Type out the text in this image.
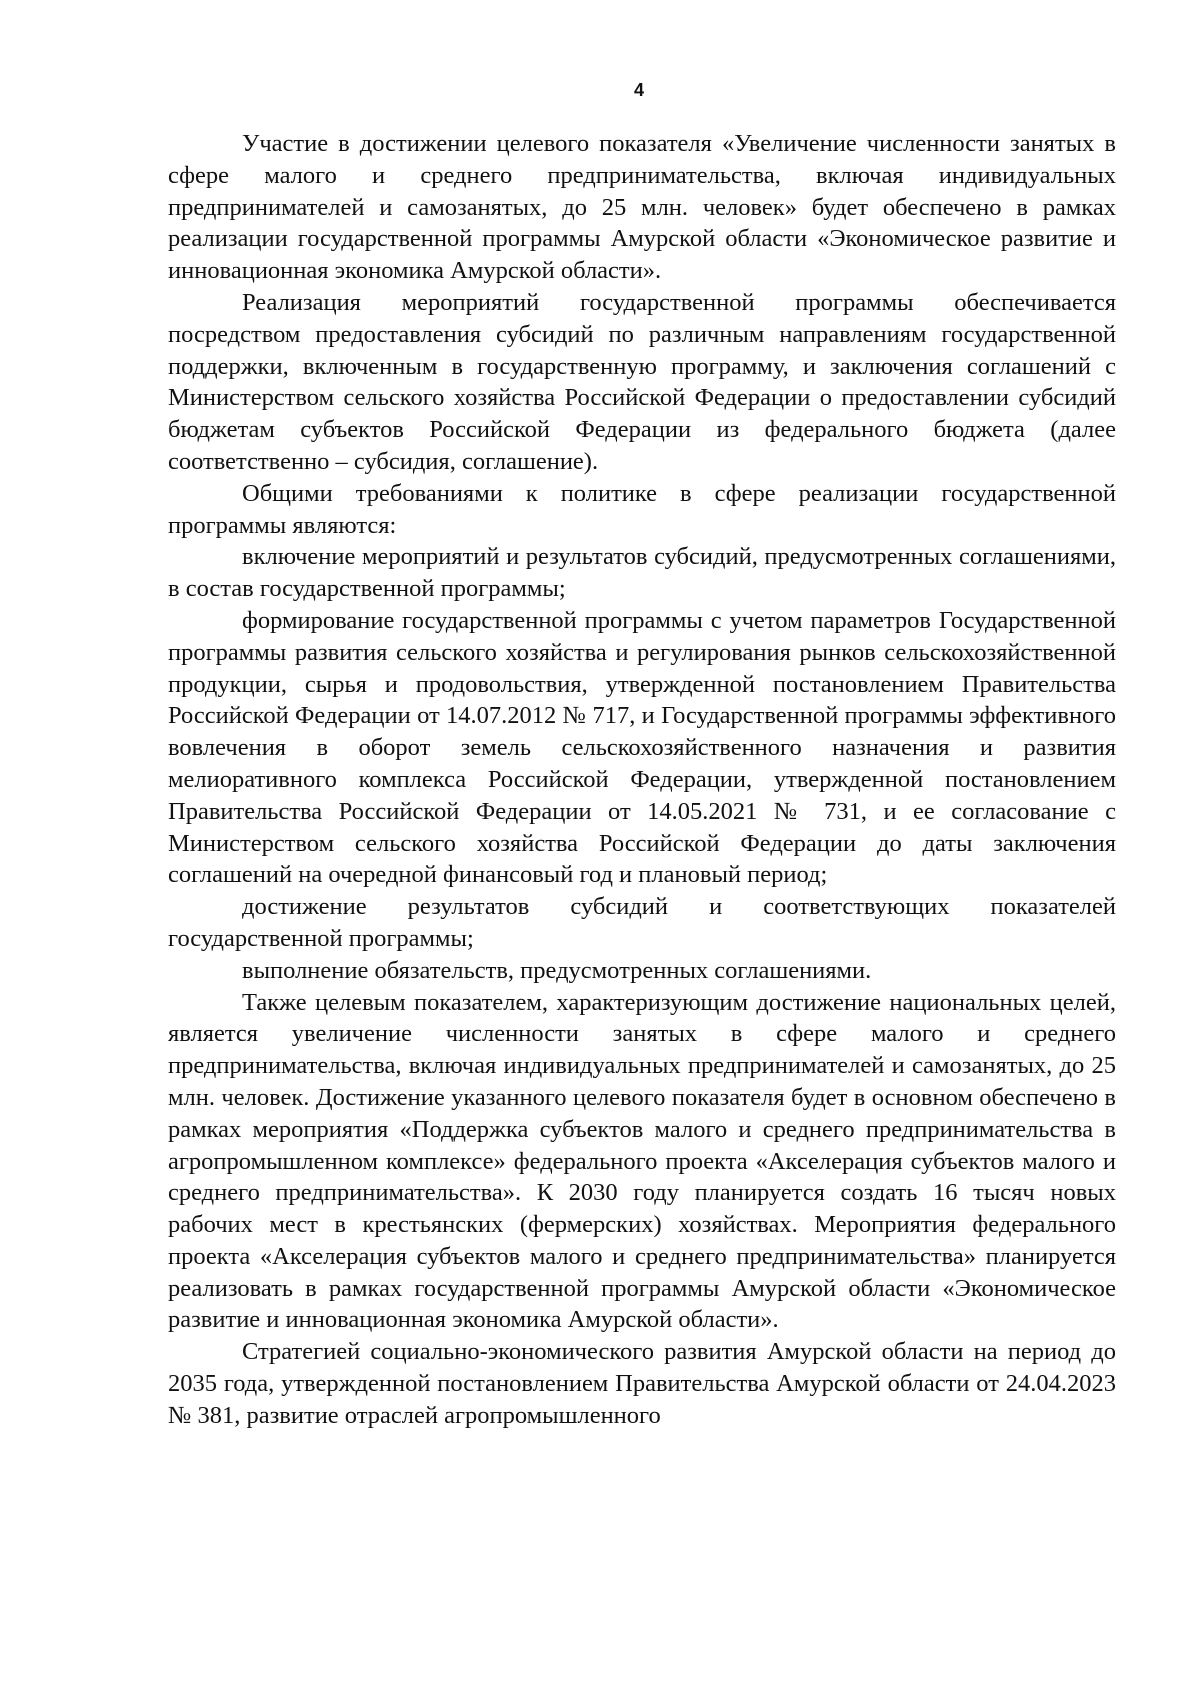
4

Участие в достижении целевого показателя «Увеличение численности занятых в сфере малого и среднего предпринимательства, включая индивидуальных предпринимателей и самозанятых, до 25 млн. человек» будет обеспечено в рамках реализации государственной программы Амурской области «Экономическое развитие и инновационная экономика Амурской области».

Реализация мероприятий государственной программы обеспечивается посредством предоставления субсидий по различным направлениям государственной поддержки, включенным в государственную программу, и заключения соглашений с Министерством сельского хозяйства Российской Федерации о предоставлении субсидий бюджетам субъектов Российской Федерации из федерального бюджета (далее соответственно – субсидия, соглашение).

Общими требованиями к политике в сфере реализации государственной программы являются:

включение мероприятий и результатов субсидий, предусмотренных соглашениями, в состав государственной программы;

формирование государственной программы с учетом параметров Государственной программы развития сельского хозяйства и регулирования рынков сельскохозяйственной продукции, сырья и продовольствия, утвержденной постановлением Правительства Российской Федерации от 14.07.2012 № 717, и Государственной программы эффективного вовлечения в оборот земель сельскохозяйственного назначения и развития мелиоративного комплекса Российской Федерации, утвержденной постановлением Правительства Российской Федерации от 14.05.2021 № 731, и ее согласование с Министерством сельского хозяйства Российской Федерации до даты заключения соглашений на очередной финансовый год и плановый период;

достижение результатов субсидий и соответствующих показателей государственной программы;

выполнение обязательств, предусмотренных соглашениями.

Также целевым показателем, характеризующим достижение национальных целей, является увеличение численности занятых в сфере малого и среднего предпринимательства, включая индивидуальных предпринимателей и самозанятых, до 25 млн. человек. Достижение указанного целевого показателя будет в основном обеспечено в рамках мероприятия «Поддержка субъектов малого и среднего предпринимательства в агропромышленном комплексе» федерального проекта «Акселерация субъектов малого и среднего предпринимательства». К 2030 году планируется создать 16 тысяч новых рабочих мест в крестьянских (фермерских) хозяйствах. Мероприятия федерального проекта «Акселерация субъектов малого и среднего предпринимательства» планируется реализовать в рамках государственной программы Амурской области «Экономическое развитие и инновационная экономика Амурской области».

Стратегией социально-экономического развития Амурской области на период до 2035 года, утвержденной постановлением Правительства Амурской области от 24.04.2023 № 381, развитие отраслей агропромышленного
